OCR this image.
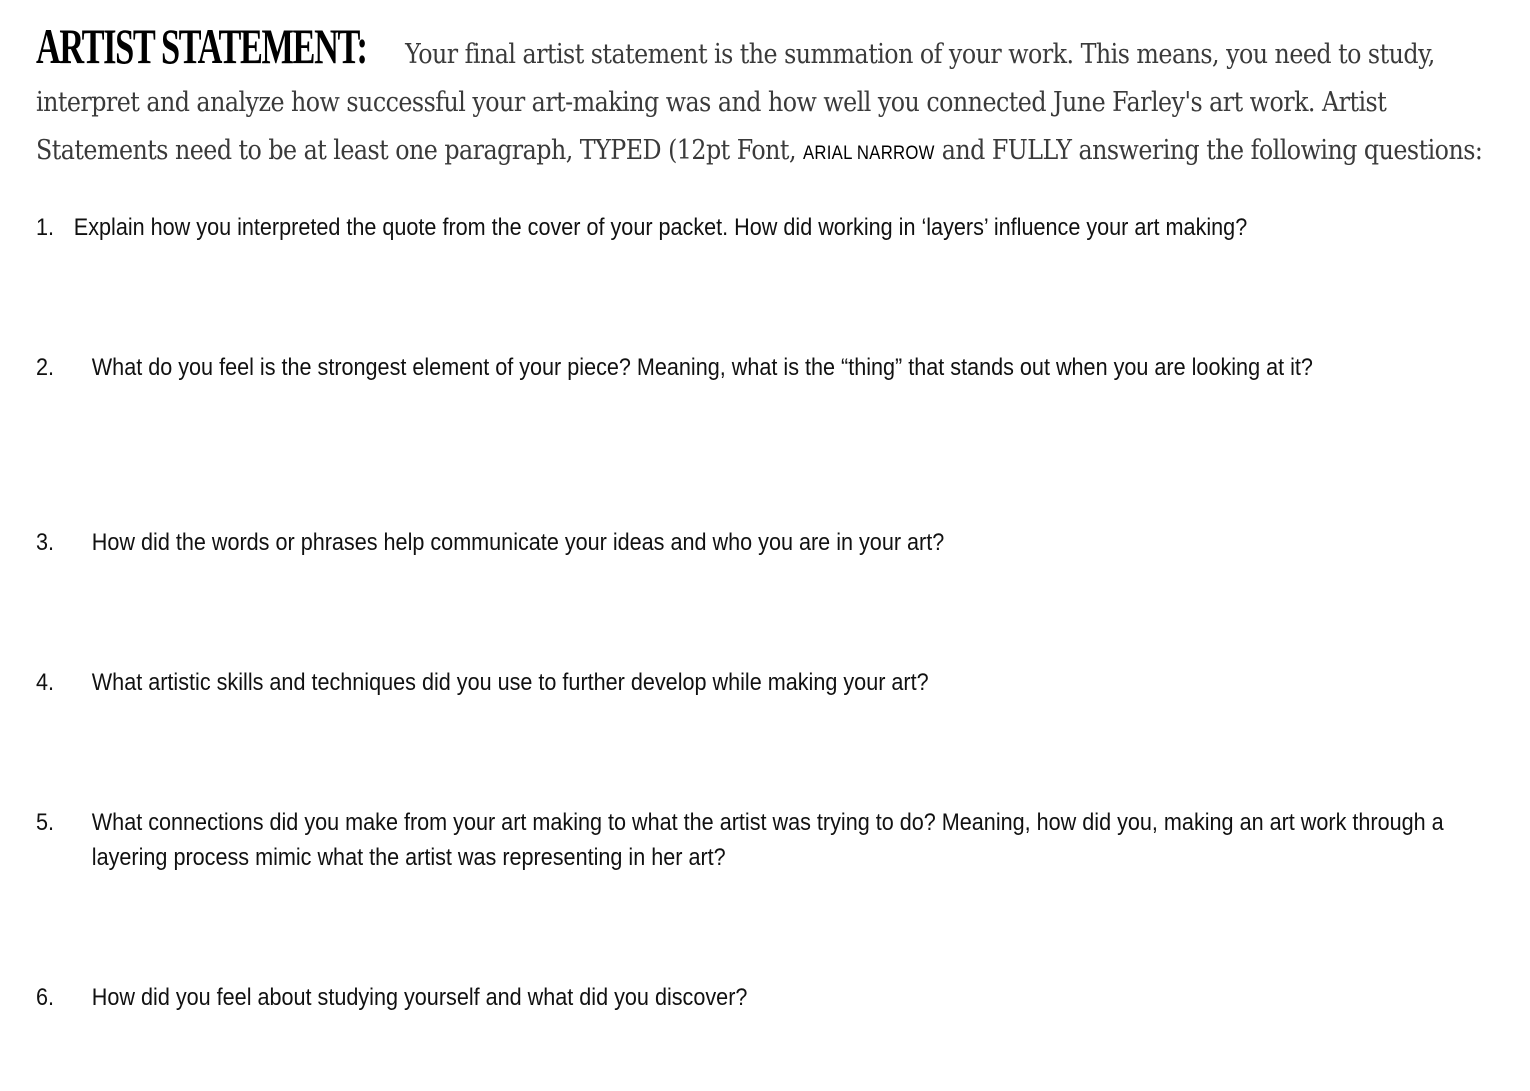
ARTIST STATEMENT: Your final artist statement is the summation of your work. This means, you need to study, interpret and analyze how successful your art-making was and how well you connected June Farley's art work. Artist Statements need to be at least one paragraph, TYPED (12pt Font, ARIAL NARROW and FULLY answering the following questions:
1. Explain how you interpreted the quote from the cover of your packet. How did working in ‘layers’ influence your art making?
2. What do you feel is the strongest element of your piece? Meaning, what is the “thing” that stands out when you are looking at it?
3. How did the words or phrases help communicate your ideas and who you are in your art?
4. What artistic skills and techniques did you use to further develop while making your art?
5. What connections did you make from your art making to what the artist was trying to do? Meaning, how did you, making an art work through a layering process mimic what the artist was representing in her art?
6. How did you feel about studying yourself and what did you discover?
